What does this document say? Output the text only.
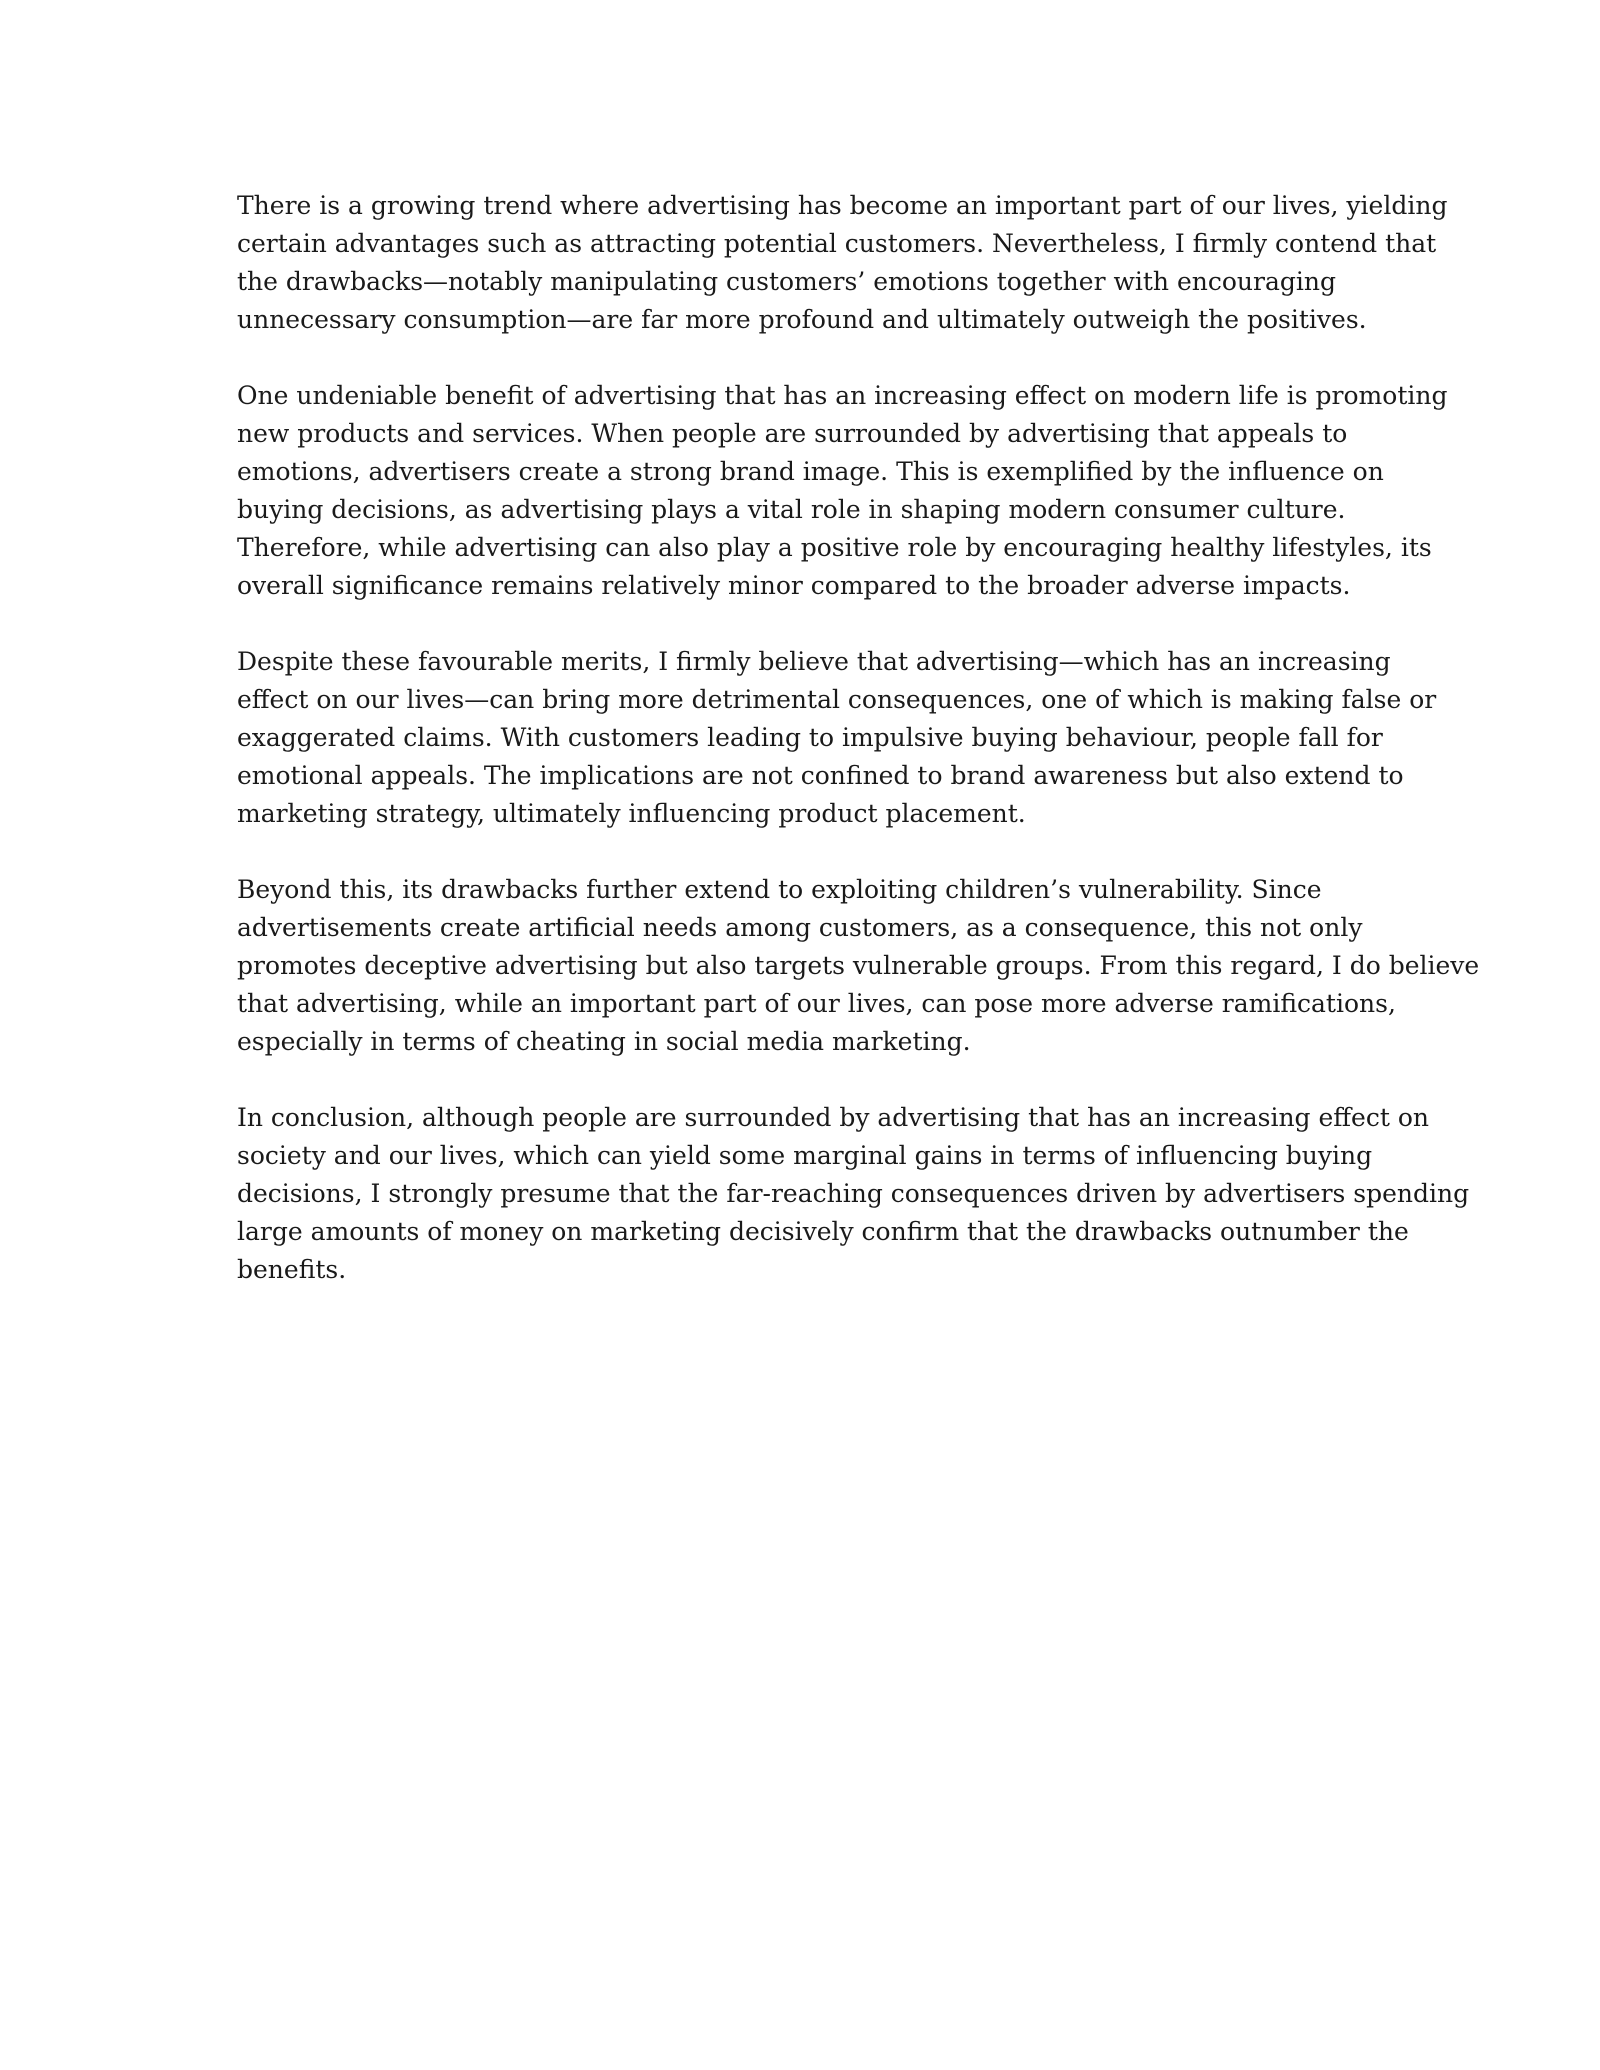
There is a growing trend where advertising has become an important part of our lives, yielding
certain advantages such as attracting potential customers. Nevertheless, I firmly contend that
the drawbacks—notably manipulating customers’ emotions together with encouraging
unnecessary consumption—are far more profound and ultimately outweigh the positives.

One undeniable benefit of advertising that has an increasing effect on modern life is promoting
new products and services. When people are surrounded by advertising that appeals to
emotions, advertisers create a strong brand image. This is exemplified by the influence on
buying decisions, as advertising plays a vital role in shaping modern consumer culture.
Therefore, while advertising can also play a positive role by encouraging healthy lifestyles, its
overall significance remains relatively minor compared to the broader adverse impacts.

Despite these favourable merits, I firmly believe that advertising—which has an increasing
effect on our lives—can bring more detrimental consequences, one of which is making false or
exaggerated claims. With customers leading to impulsive buying behaviour, people fall for
emotional appeals. The implications are not confined to brand awareness but also extend to
marketing strategy, ultimately influencing product placement.

Beyond this, its drawbacks further extend to exploiting children’s vulnerability. Since
advertisements create artificial needs among customers, as a consequence, this not only
promotes deceptive advertising but also targets vulnerable groups. From this regard, I do believe
that advertising, while an important part of our lives, can pose more adverse ramifications,
especially in terms of cheating in social media marketing.

In conclusion, although people are surrounded by advertising that has an increasing effect on
society and our lives, which can yield some marginal gains in terms of influencing buying
decisions, I strongly presume that the far-reaching consequences driven by advertisers spending
large amounts of money on marketing decisively confirm that the drawbacks outnumber the
benefits.
